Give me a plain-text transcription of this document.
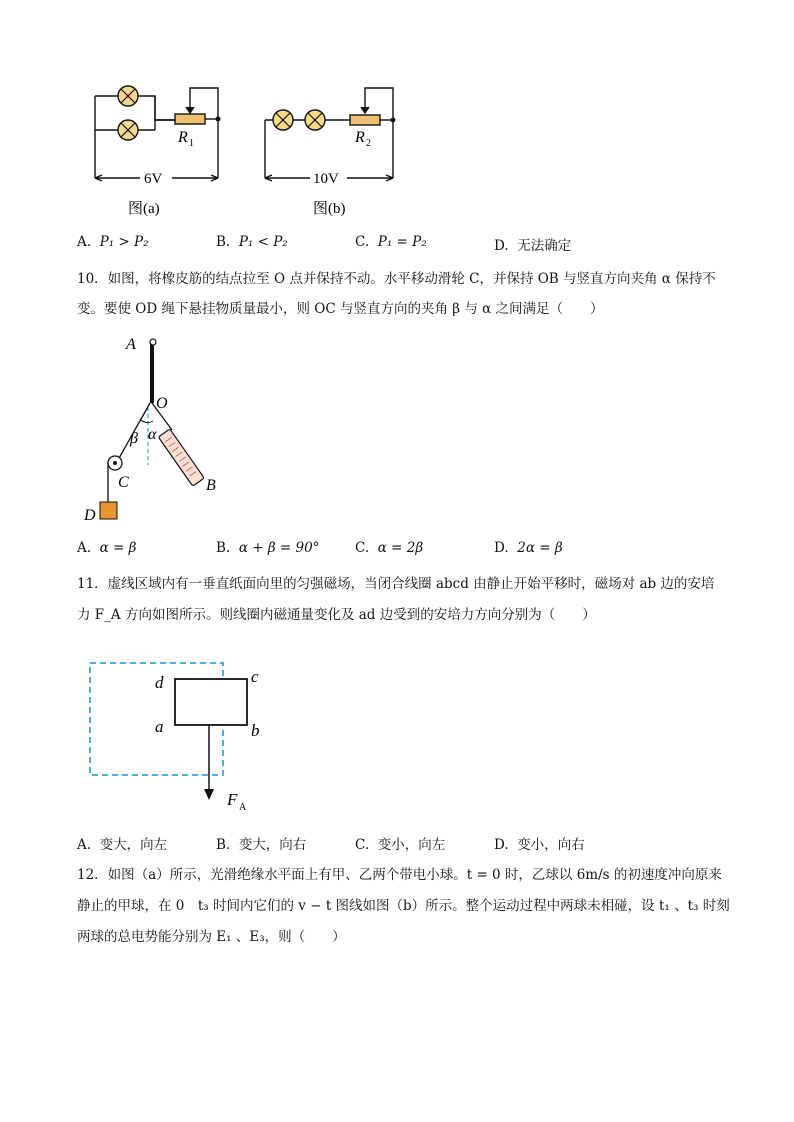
R 1
6V
图(a)
R 2
10V
图(b)
A. P₁ > P₂	B. P₁ < P₂	C. P₁ = P₂	D. 无法确定
10．如图，将橡皮筋的结点拉至 O 点并保持不动。水平移动滑轮 C，并保持 OB 与竖直方向夹角 α 保持不
变。要使 OD 绳下悬挂物质量最小，则 OC 与竖直方向的夹角 β 与 α 之间满足（　　）
A
O
β α
C	B
D
A. α = β	B. α + β = 90°	C. α = 2β	D. 2α = β
11．虚线区域内有一垂直纸面向里的匀强磁场，当闭合线圈 abcd 由静止开始平移时，磁场对 ab 边的安培
力 F_A 方向如图所示。则线圈内磁通量变化及 ad 边受到的安培力方向分别为（　　）
d	c
a	b
F A
A. 变大，向左	B. 变大，向右	C. 变小，向左	D. 变小，向右
12．如图（a）所示，光滑绝缘水平面上有甲、乙两个带电小球。t = 0 时，乙球以 6m/s 的初速度冲向原来
静止的甲球，在 0　t₃ 时间内它们的 v − t 图线如图（b）所示。整个运动过程中两球未相碰，设 t₁ 、t₃ 时刻
两球的总电势能分别为 E₁ 、E₃，则（　　）
